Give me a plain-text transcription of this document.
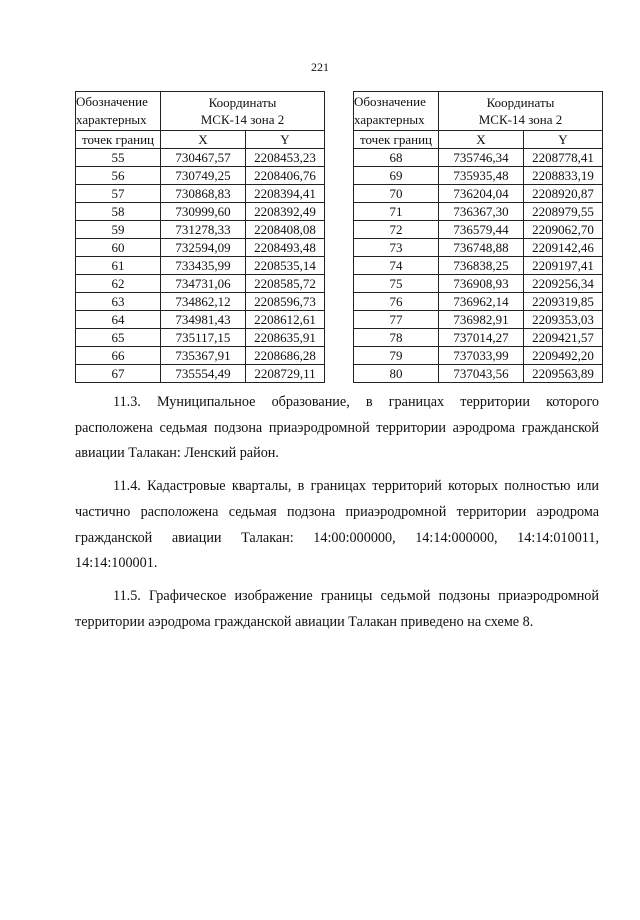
221
Обозначение
характерных	Координаты
МСК-14 зона 2	

точек границ	X	Y
55	730467,57	2208453,23
56	730749,25	2208406,76
57	730868,83	2208394,41
58	730999,60	2208392,49
59	731278,33	2208408,08
60	732594,09	2208493,48
61	733435,99	2208535,14
62	734731,06	2208585,72
63	734862,12	2208596,73
64	734981,43	2208612,61
65	735117,15	2208635,91
66	735367,91	2208686,28
67	735554,49	2208729,11
Обозначение
характерных	Координаты
МСК-14 зона 2	

точек границ	X	Y
68	735746,34	2208778,41
69	735935,48	2208833,19
70	736204,04	2208920,87
71	736367,30	2208979,55
72	736579,44	2209062,70
73	736748,88	2209142,46
74	736838,25	2209197,41
75	736908,93	2209256,34
76	736962,14	2209319,85
77	736982,91	2209353,03
78	737014,27	2209421,57
79	737033,99	2209492,20
80	737043,56	2209563,89

11.3. Муниципальное образование, в границах территории которого расположена седьмая подзона приаэродромной территории аэродрома гражданской авиации Талакан: Ленский район.

11.4. Кадастровые кварталы, в границах территорий которых полностью или частично расположена седьмая подзона приаэродромной территории аэродрома гражданской авиации Талакан: 14:00:000000, 14:14:000000, 14:14:010011, 14:14:100001.

11.5. Графическое изображение границы седьмой подзоны приаэродромной территории аэродрома гражданской авиации Талакан приведено на схеме 8.
